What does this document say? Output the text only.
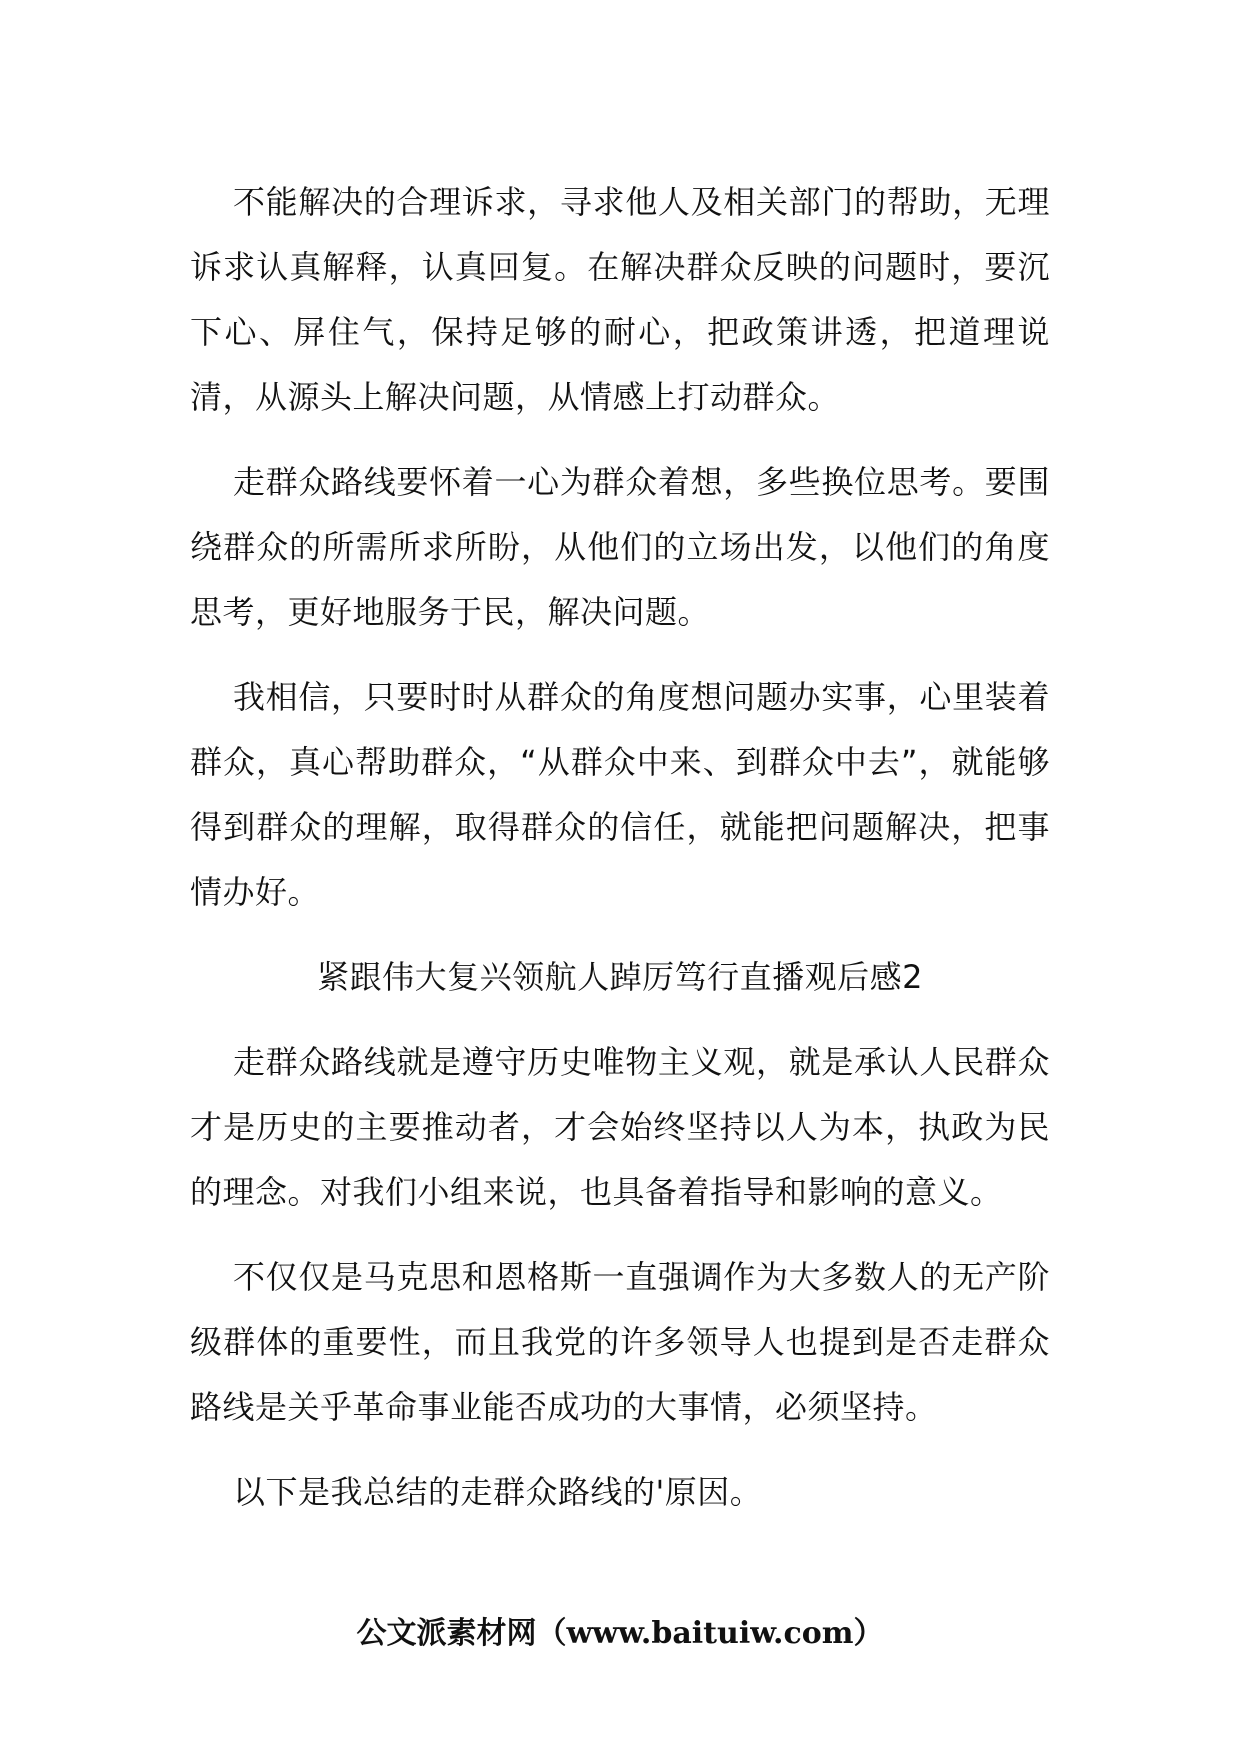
不能解决的合理诉求，寻求他人及相关部门的帮助，无理诉求认真解释，认真回复。在解决群众反映的问题时，要沉下心、屏住气，保持足够的耐心，把政策讲透，把道理说清，从源头上解决问题，从情感上打动群众。

走群众路线要怀着一心为群众着想，多些换位思考。要围绕群众的所需所求所盼，从他们的立场出发，以他们的角度思考，更好地服务于民，解决问题。

我相信，只要时时从群众的角度想问题办实事，心里装着群众，真心帮助群众，“从群众中来、到群众中去”，就能够得到群众的理解，取得群众的信任，就能把问题解决，把事情办好。

紧跟伟大复兴领航人踔厉笃行直播观后感2

走群众路线就是遵守历史唯物主义观，就是承认人民群众才是历史的主要推动者，才会始终坚持以人为本，执政为民的理念。对我们小组来说，也具备着指导和影响的意义。

不仅仅是马克思和恩格斯一直强调作为大多数人的无产阶级群体的重要性，而且我党的许多领导人也提到是否走群众路线是关乎革命事业能否成功的大事情，必须坚持。

以下是我总结的走群众路线的'原因。

公文派素材网（www.baituiw.com）
